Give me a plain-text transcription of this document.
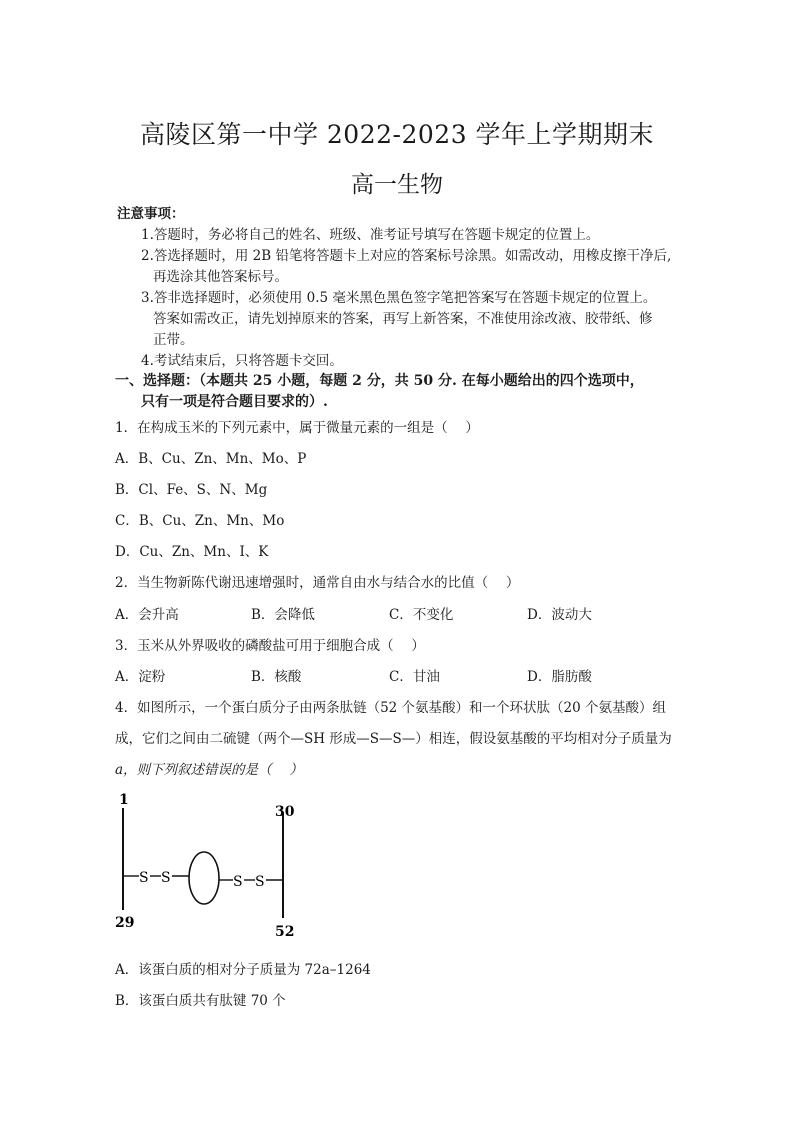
高陵区第一中学 2022-2023 学年上学期期末
高一生物
注意事项：
1.答题时，务必将自己的姓名、班级、准考证号填写在答题卡规定的位置上。
2.答选择题时，用 2B 铅笔将答题卡上对应的答案标号涂黑。如需改动，用橡皮擦干净后,
再选涂其他答案标号。
3.答非选择题时，必须使用 0.5 毫米黑色黑色签字笔把答案写在答题卡规定的位置上。
答案如需改正，请先划掉原来的答案，再写上新答案，不准使用涂改液、胶带纸、修
正带。
4.考试结束后，只将答题卡交回。
一、选择题：（本题共 25 小题，每题 2 分，共 50 分. 在每小题给出的四个选项中，
只有一项是符合题目要求的）.
1．在构成玉米的下列元素中，属于微量元素的一组是（　 ）
A．B、Cu、Zn、Mn、Mo、P
B．Cl、Fe、S、N、Mg
C．B、Cu、Zn、Mn、Mo
D．Cu、Zn、Mn、I、K
2．当生物新陈代谢迅速增强时，通常自由水与结合水的比值（　 ）
A．会升高	B．会降低	C．不变化	D．波动大
3．玉米从外界吸收的磷酸盐可用于细胞合成（　 ）
A．淀粉	B．核酸	C．甘油	D．脂肪酸
4．如图所示，一个蛋白质分子由两条肽链（52 个氨基酸）和一个环状肽（20 个氨基酸）组
成，它们之间由二硫键（两个—SH 形成—S—S—）相连，假设氨基酸的平均相对分子质量为
a，则下列叙述错误的是（　 ）
S S	S S
1
29
30
52
A．该蛋白质的相对分子质量为 72a–1264
B．该蛋白质共有肽键 70 个
